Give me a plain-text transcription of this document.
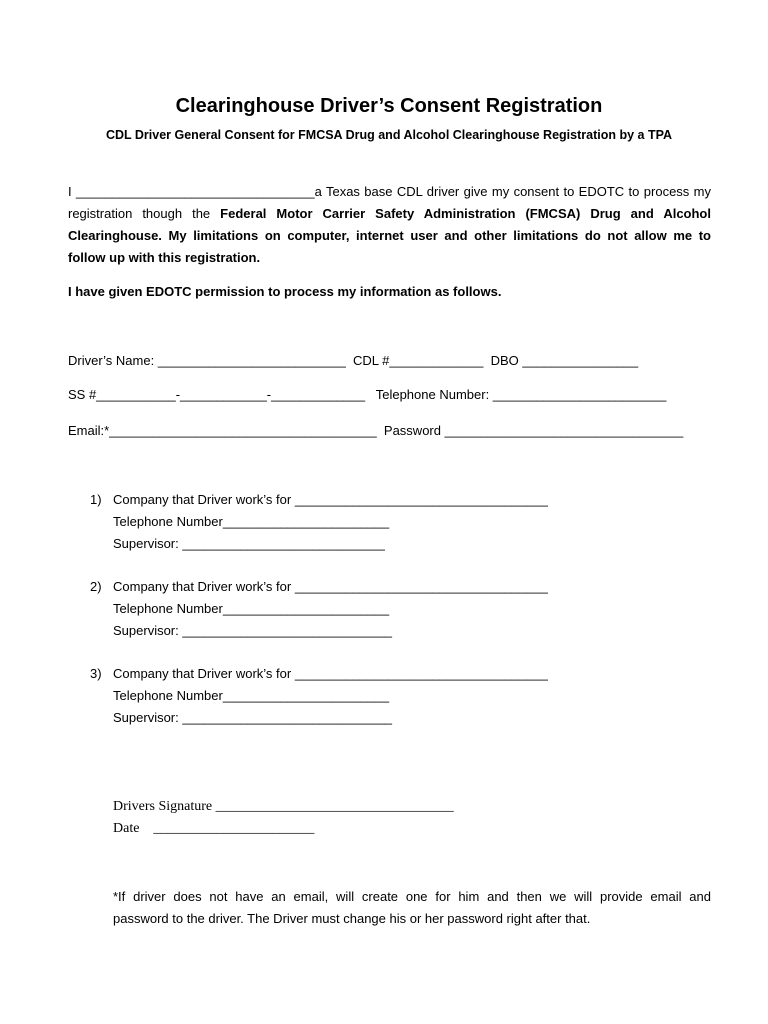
Clearinghouse Driver’s Consent Registration
CDL Driver General Consent for FMCSA Drug and Alcohol Clearinghouse Registration by a TPA
I _________________________________a Texas base CDL driver give my consent to EDOTC to process my
registration though the Federal Motor Carrier Safety Administration (FMCSA) Drug and Alcohol
Clearinghouse. My limitations on computer, internet user and other limitations do not allow me to
follow up with this registration.
I have given EDOTC permission to process my information as follows.
Driver’s Name: __________________________  CDL #_____________  DBO ________________
SS #___________-____________-_____________   Telephone Number: ________________________
Email:*_____________________________________  Password _________________________________
1) Company that Driver work’s for ___________________________________
Telephone Number_______________________
Supervisor: ____________________________
2) Company that Driver work’s for ___________________________________
Telephone Number_______________________
Supervisor: _____________________________
3) Company that Driver work’s for ___________________________________
Telephone Number_______________________
Supervisor: _____________________________
Drivers Signature __________________________________
Date    _______________________
*If driver does not have an email, will create one for him and then we will provide email and
password to the driver. The Driver must change his or her password right after that.
